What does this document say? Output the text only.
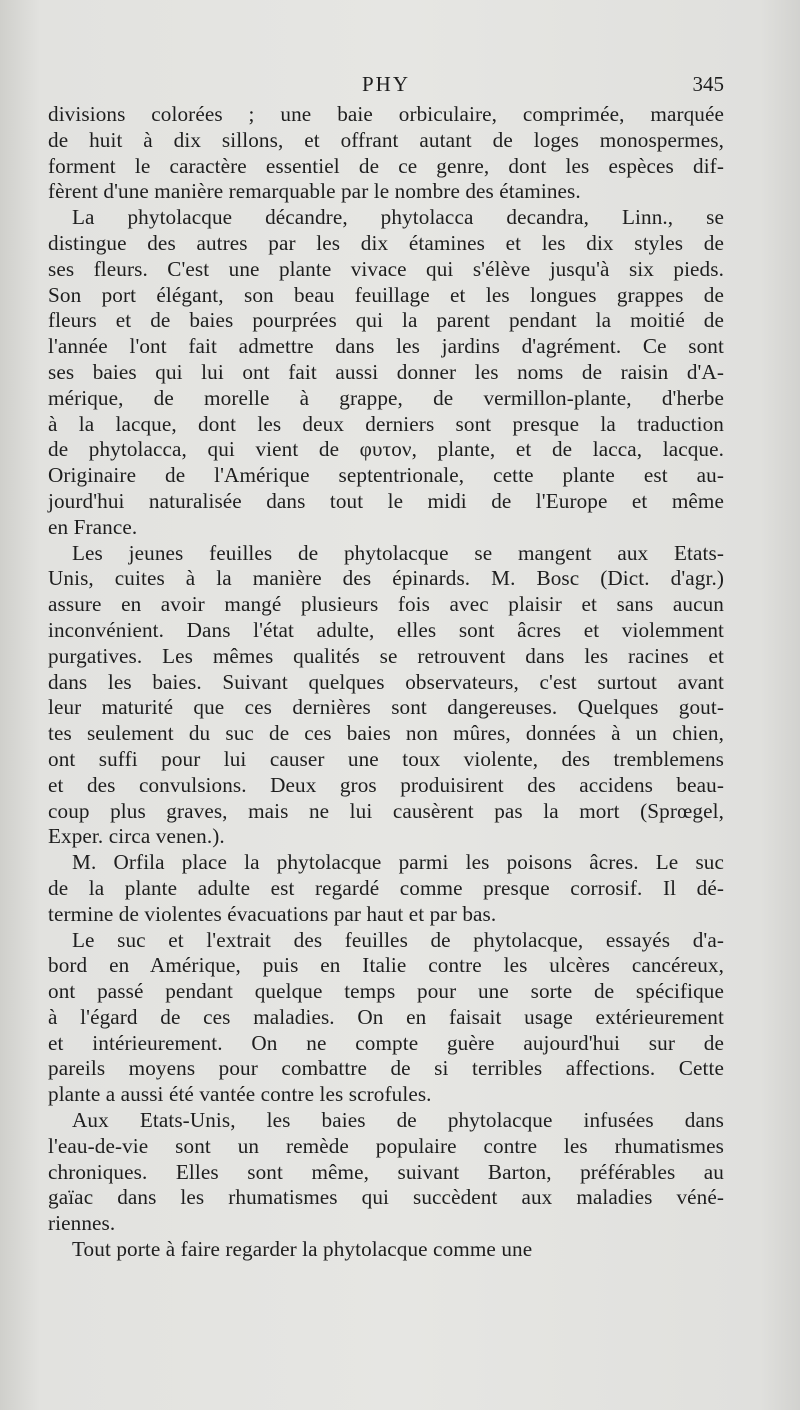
PHY	345
divisions colorées ; une baie orbiculaire, comprimée, marquée
de huit à dix sillons, et offrant autant de loges monospermes,
forment le caractère essentiel de ce genre, dont les espèces dif-
fèrent d'une manière remarquable par le nombre des étamines.
La phytolacque décandre, phytolacca decandra, Linn., se
distingue des autres par les dix étamines et les dix styles de
ses fleurs. C'est une plante vivace qui s'élève jusqu'à six pieds.
Son port élégant, son beau feuillage et les longues grappes de
fleurs et de baies pourprées qui la parent pendant la moitié de
l'année l'ont fait admettre dans les jardins d'agrément. Ce sont
ses baies qui lui ont fait aussi donner les noms de raisin d'A-
mérique, de morelle à grappe, de vermillon-plante, d'herbe
à la lacque, dont les deux derniers sont presque la traduction
de phytolacca, qui vient de φυτον, plante, et de lacca, lacque.
Originaire de l'Amérique septentrionale, cette plante est au-
jourd'hui naturalisée dans tout le midi de l'Europe et même
en France.
Les jeunes feuilles de phytolacque se mangent aux Etats-
Unis, cuites à la manière des épinards. M. Bosc (Dict. d'agr.)
assure en avoir mangé plusieurs fois avec plaisir et sans aucun
inconvénient. Dans l'état adulte, elles sont âcres et violemment
purgatives. Les mêmes qualités se retrouvent dans les racines et
dans les baies. Suivant quelques observateurs, c'est surtout avant
leur maturité que ces dernières sont dangereuses. Quelques gout-
tes seulement du suc de ces baies non mûres, données à un chien,
ont suffi pour lui causer une toux violente, des tremblemens
et des convulsions. Deux gros produisirent des accidens beau-
coup plus graves, mais ne lui causèrent pas la mort (Sprœgel,
Exper. circa venen.).
M. Orfila place la phytolacque parmi les poisons âcres. Le suc
de la plante adulte est regardé comme presque corrosif. Il dé-
termine de violentes évacuations par haut et par bas.
Le suc et l'extrait des feuilles de phytolacque, essayés d'a-
bord en Amérique, puis en Italie contre les ulcères cancéreux,
ont passé pendant quelque temps pour une sorte de spécifique
à l'égard de ces maladies. On en faisait usage extérieurement
et intérieurement. On ne compte guère aujourd'hui sur de
pareils moyens pour combattre de si terribles affections. Cette
plante a aussi été vantée contre les scrofules.
Aux Etats-Unis, les baies de phytolacque infusées dans
l'eau-de-vie sont un remède populaire contre les rhumatismes
chroniques. Elles sont même, suivant Barton, préférables au
gaïac dans les rhumatismes qui succèdent aux maladies véné-
riennes.
Tout porte à faire regarder la phytolacque comme une
